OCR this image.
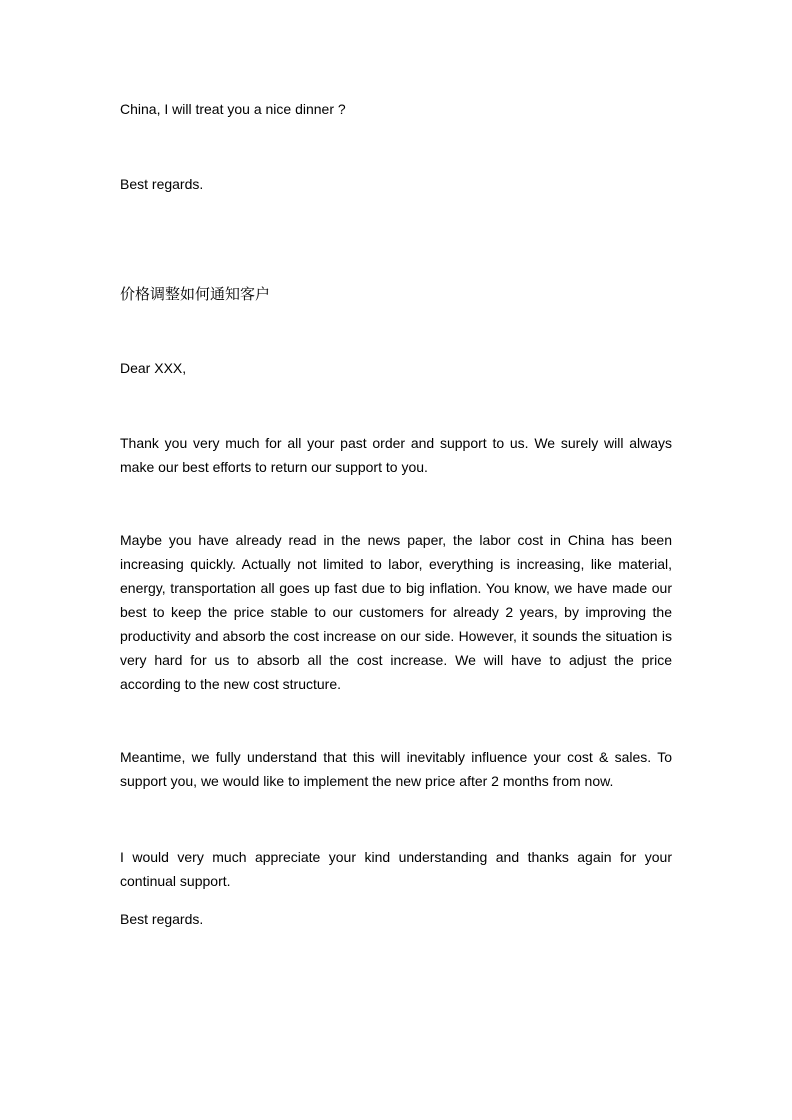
China, I will treat you a nice dinner ?

Best regards.

价格调整如何通知客户

Dear XXX,

Thank you very much for all your past order and support to us. We surely will always make our best efforts to return our support to you.

Maybe you have already read in the news paper, the labor cost in China has been increasing quickly. Actually not limited to labor, everything is increasing, like material, energy, transportation all goes up fast due to big inflation. You know, we have made our best to keep the price stable to our customers for already 2 years, by improving the productivity and absorb the cost increase on our side. However, it sounds the situation is very hard for us to absorb all the cost increase. We will have to adjust the price according to the new cost structure.

Meantime, we fully understand that this will inevitably influence your cost & sales. To support you, we would like to implement the new price after 2 months from now.

I would very much appreciate your kind understanding and thanks again for your continual support.

Best regards.
